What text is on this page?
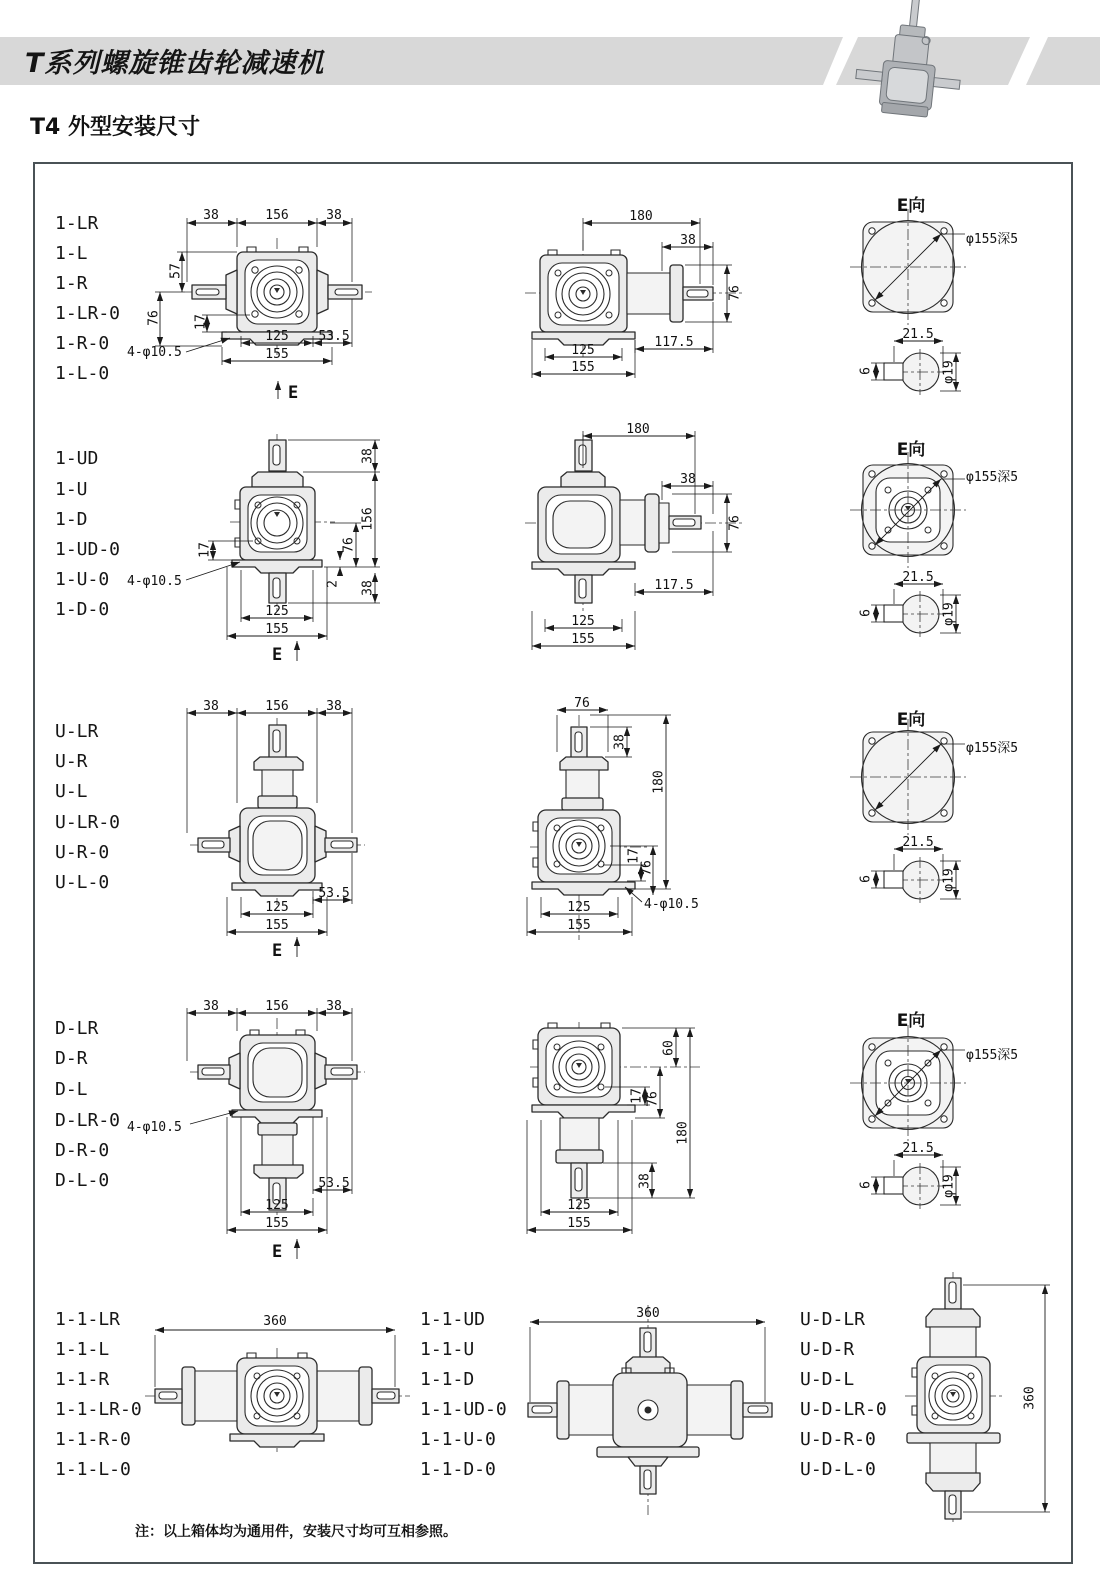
T系列螺旋锥齿轮减速机
T4 外型安装尺寸
1-LR
1-L
1-R
1-LR-0
1-R-0
1-L-0
38	156	38
57
76 17
4-φ10.5
125 53.5
155
E
180
38
76
117.5
125
155
E向
φ155深5
21.5
6	φ19
1-UD
1-U
1-D
1-UD-0
1-U-0
1-D-0
38
156
76
2 38
17
4-φ10.5
125
155
E
180
38
76
117.5
125
155
E向
φ155深5
21.5
6	φ19
U-LR
U-R
U-L
U-LR-0
U-R-0
U-L-0
38	156	38
53.5
125
155
E
76
38
180
17
76
4-φ10.5
125
155
E向
φ155深5
21.5
6	φ19
D-LR
D-R
D-L
D-LR-0
D-R-0
D-L-0
38	156	38
4-φ10.5
53.5
125
155
E
60
17 76
180
38
125
155
E向
φ155深5
21.5
6	φ19
1-1-LR
1-1-L
1-1-R
1-1-LR-0
1-1-R-0
1-1-L-0
360	1-1-UD
1-1-U
1-1-D
1-1-UD-0
1-1-U-0
1-1-D-0
360	U-D-LR
U-D-R
U-D-L
U-D-LR-0
U-D-R-0
U-D-L-0
360
注：以上箱体均为通用件，安装尺寸均可互相参照。
